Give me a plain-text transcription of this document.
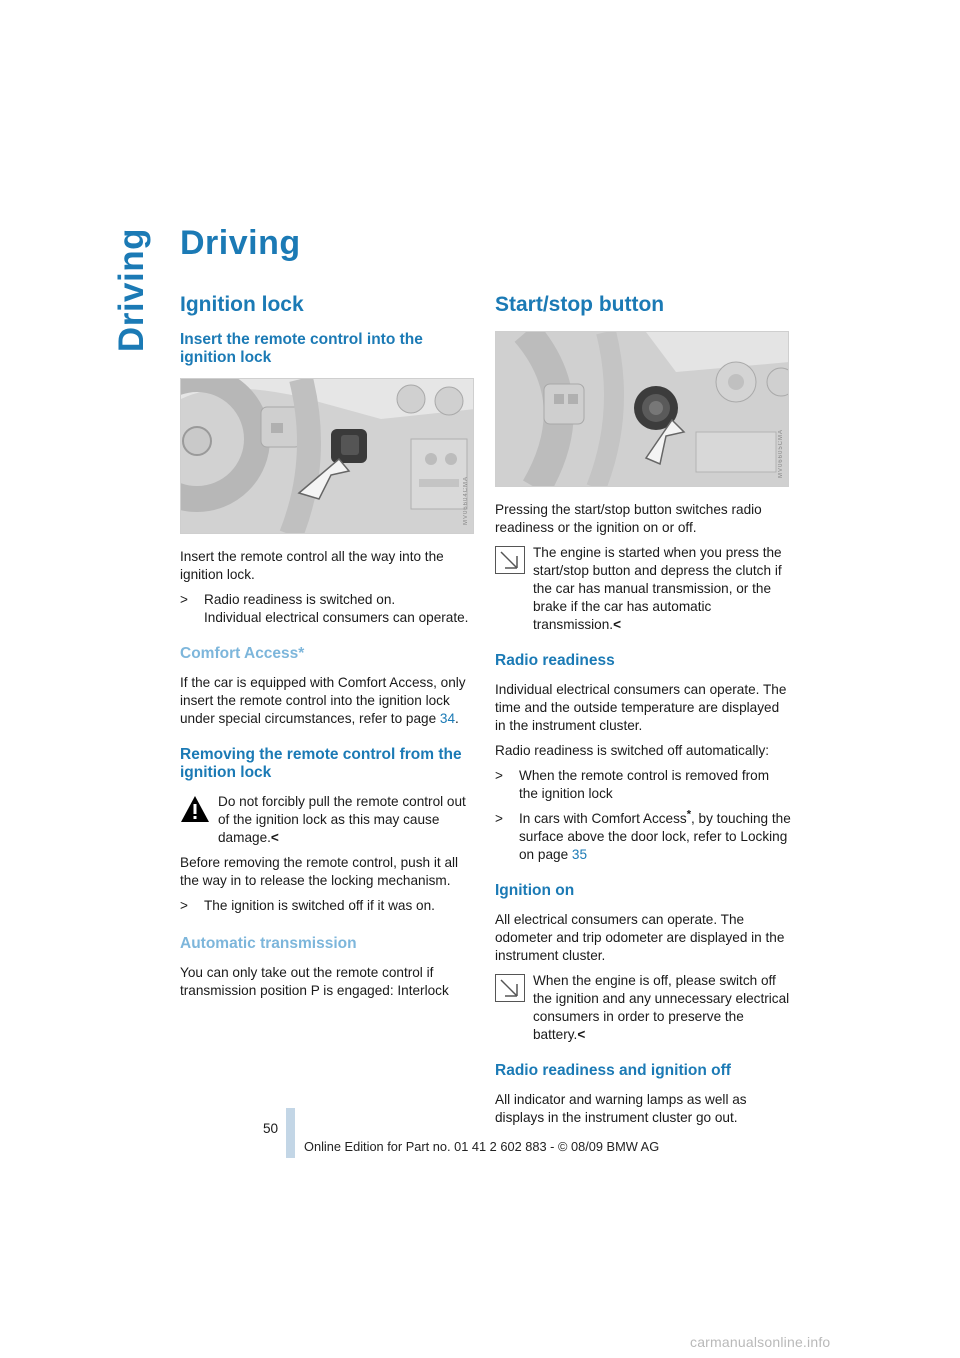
Driving Driving
Ignition lock
Insert the remote control into the ignition lock
MV06604CMA

Insert the remote control all the way into the ignition lock.

> Radio readiness is switched on.
Individual electrical consumers can operate.
Comfort Access*

If the car is equipped with Comfort Access, only insert the remote control into the ignition lock under special circumstances, refer to page 34.

Removing the remote control from the ignition lock
Do not forcibly pull the remote control out of the ignition lock as this may cause damage.<

Before removing the remote control, push it all the way in to release the locking mechanism.

> The ignition is switched off if it was on.
Automatic transmission

You can only take out the remote control if transmission position P is engaged: Interlock

Start/stop button
MV06605CMA

Pressing the start/stop button switches radio readiness or the ignition on or off.

The engine is started when you press the start/stop button and depress the clutch if the car has manual transmission, or the brake if the car has automatic transmission.<
Radio readiness

Individual electrical consumers can operate. The time and the outside temperature are displayed in the instrument cluster.

Radio readiness is switched off automatically:

> When the remote control is removed from the ignition lock
> In cars with Comfort Access*, by touching the surface above the door lock, refer to Locking on page 35
Ignition on

All electrical consumers can operate. The odometer and trip odometer are displayed in the instrument cluster.

When the engine is off, please switch off the ignition and any unnecessary electrical consumers in order to preserve the battery.<
Radio readiness and ignition off

All indicator and warning lamps as well as displays in the instrument cluster go out.

50
Online Edition for Part no. 01 41 2 602 883 - © 08/09 BMW AG
carmanualsonline.info
